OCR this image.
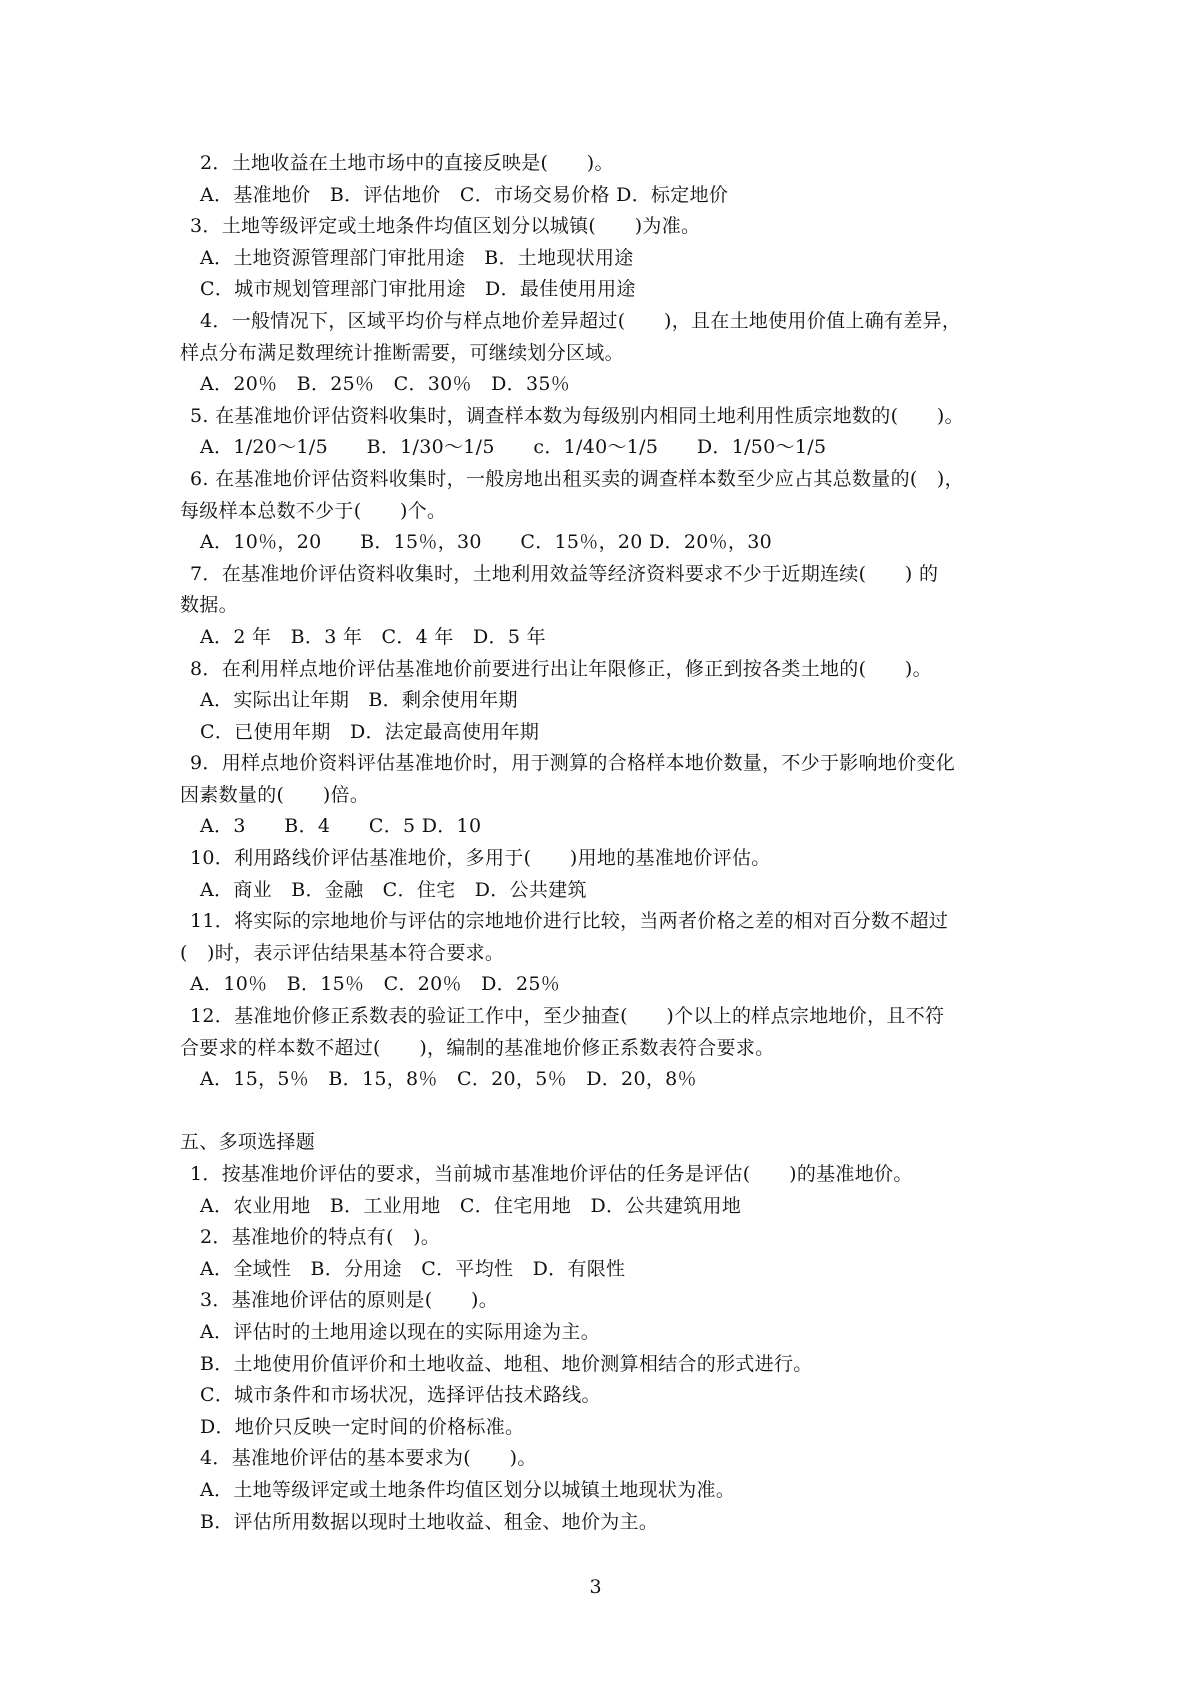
2．土地收益在土地市场中的直接反映是(　　)。
A．基准地价　B．评估地价　C．市场交易价格 D．标定地价
3．土地等级评定或土地条件均值区划分以城镇(　　)为准。
A．土地资源管理部门审批用途　B．土地现状用途
C．城市规划管理部门审批用途　D．最佳使用用途
4．一般情况下，区域平均价与样点地价差异超过(　　)，且在土地使用价值上确有差异，
样点分布满足数理统计推断需要，可继续划分区域。
A．20％　B．25％　C．30％　D．35％
5. 在基准地价评估资料收集时，调查样本数为每级别内相同土地利用性质宗地数的(　　)。
A．1/20～1/5　　B．1/30～1/5　　c．1/40～1/5　　D．1/50～1/5
6. 在基准地价评估资料收集时，一般房地出租买卖的调查样本数至少应占其总数量的(　)，
每级样本总数不少于(　　)个。
A．10％，20　　B．15％，30　　C．15％，20 D．20％，30
7．在基准地价评估资料收集时，土地利用效益等经济资料要求不少于近期连续(　　) 的
数据。
A．2 年　B．3 年　C．4 年　D．5 年
8．在利用样点地价评估基准地价前要进行出让年限修正，修正到按各类土地的(　　)。
A．实际出让年期　B．剩余使用年期
C．已使用年期　D．法定最高使用年期
9．用样点地价资料评估基准地价时，用于测算的合格样本地价数量，不少于影响地价变化
因素数量的(　　)倍。
A．3　　B．4　　C．5 D．10
10．利用路线价评估基准地价，多用于(　　)用地的基准地价评估。
A．商业　B．金融　C．住宅　D．公共建筑
11．将实际的宗地地价与评估的宗地地价进行比较，当两者价格之差的相对百分数不超过
(　)时，表示评估结果基本符合要求。
A．10％　B．15％　C．20％　D．25％
12．基准地价修正系数表的验证工作中，至少抽查(　　)个以上的样点宗地地价，且不符
合要求的样本数不超过(　　)，编制的基准地价修正系数表符合要求。
A．15，5％　B．15，8％　C．20，5％　D．20，8％
五、多项选择题
1．按基准地价评估的要求，当前城市基准地价评估的任务是评估(　　)的基准地价。
A．农业用地　B．工业用地　C．住宅用地　D．公共建筑用地
2．基准地价的特点有(　)。
A．全域性　B．分用途　C．平均性　D．有限性
3．基准地价评估的原则是(　　)。
A．评估时的土地用途以现在的实际用途为主。
B．土地使用价值评价和土地收益、地租、地价测算相结合的形式进行。
C．城市条件和市场状况，选择评估技术路线。
D．地价只反映一定时间的价格标准。
4．基准地价评估的基本要求为(　　)。
A．土地等级评定或土地条件均值区划分以城镇土地现状为准。
B．评估所用数据以现时土地收益、租金、地价为主。
3
